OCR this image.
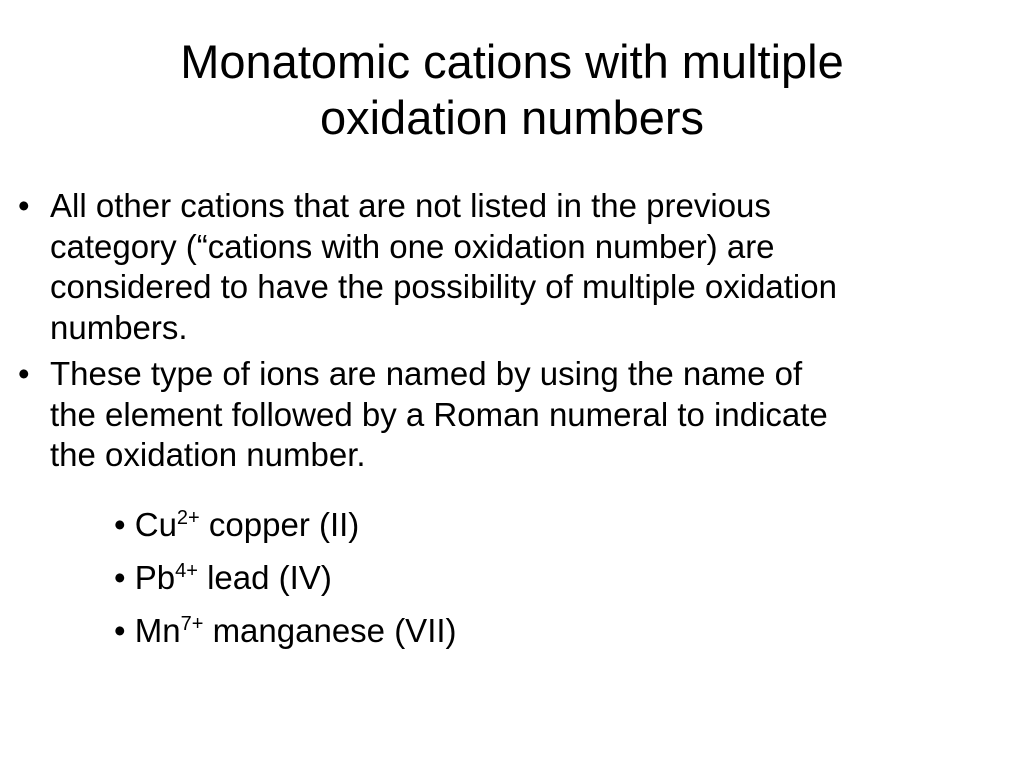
Monatomic cations with multiple
oxidation numbers
• All other cations that are not listed in the previous
category (“cations with one oxidation number) are
considered to have the possibility of multiple oxidation
numbers.
• These type of ions are named by using the name of
the element followed by a Roman numeral to indicate
the oxidation number.
• $Cu^{2+}$ copper (II)
• $Pb^{4+}$ lead (IV)
• $Mn^{7+}$ manganese (VII)
